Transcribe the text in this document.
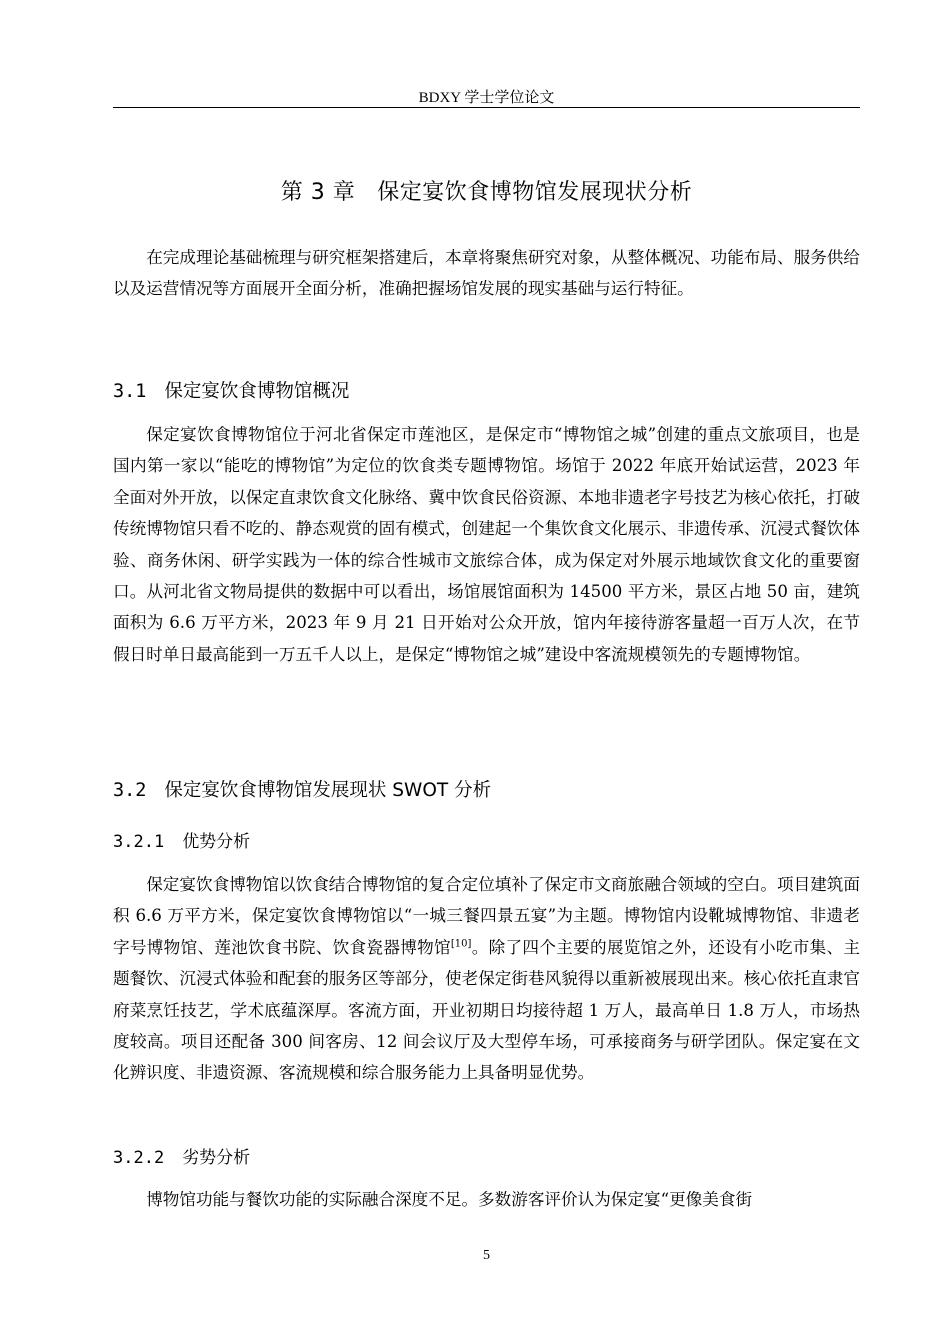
BDXY 学士学位论文
第 3 章 保定宴饮食博物馆发展现状分析

在完成理论基础梳理与研究框架搭建后，本章将聚焦研究对象，从整体概况、功能布局、服务供给以及运营情况等方面展开全面分析，准确把握场馆发展的现实基础与运行特征。

3.1 保定宴饮食博物馆概况

保定宴饮食博物馆位于河北省保定市莲池区，是保定市“博物馆之城”创建的重点文旅项目，也是国内第一家以“能吃的博物馆”为定位的饮食类专题博物馆。场馆于 2022 年底开始试运营，2023 年全面对外开放，以保定直隶饮食文化脉络、冀中饮食民俗资源、本地非遗老字号技艺为核心依托，打破传统博物馆只看不吃的、静态观赏的固有模式，创建起一个集饮食文化展示、非遗传承、沉浸式餐饮体验、商务休闲、研学实践为一体的综合性城市文旅综合体，成为保定对外展示地域饮食文化的重要窗口。从河北省文物局提供的数据中可以看出，场馆展馆面积为 14500 平方米，景区占地 50 亩，建筑面积为 6.6 万平方米，2023 年 9 月 21 日开始对公众开放，馆内年接待游客量超一百万人次，在节假日时单日最高能到一万五千人以上，是保定“博物馆之城”建设中客流规模领先的专题博物馆。

3.2 保定宴饮食博物馆发展现状 SWOT 分析
3.2.1 优势分析

保定宴饮食博物馆以饮食结合博物馆的复合定位填补了保定市文商旅融合领域的空白。项目建筑面积 6.6 万平方米，保定宴饮食博物馆以“一城三餐四景五宴”为主题。博物馆内设靴城博物馆、非遗老字号博物馆、莲池饮食书院、饮食瓷器博物馆[10]。除了四个主要的展览馆之外，还设有小吃市集、主题餐饮、沉浸式体验和配套的服务区等部分，使老保定街巷风貌得以重新被展现出来。核心依托直隶官府菜烹饪技艺，学术底蕴深厚。客流方面，开业初期日均接待超 1 万人，最高单日 1.8 万人，市场热度较高。项目还配备 300 间客房、12 间会议厅及大型停车场，可承接商务与研学团队。保定宴在文化辨识度、非遗资源、客流规模和综合服务能力上具备明显优势。

3.2.2 劣势分析

博物馆功能与餐饮功能的实际融合深度不足。多数游客评价认为保定宴“更像美食街

5
